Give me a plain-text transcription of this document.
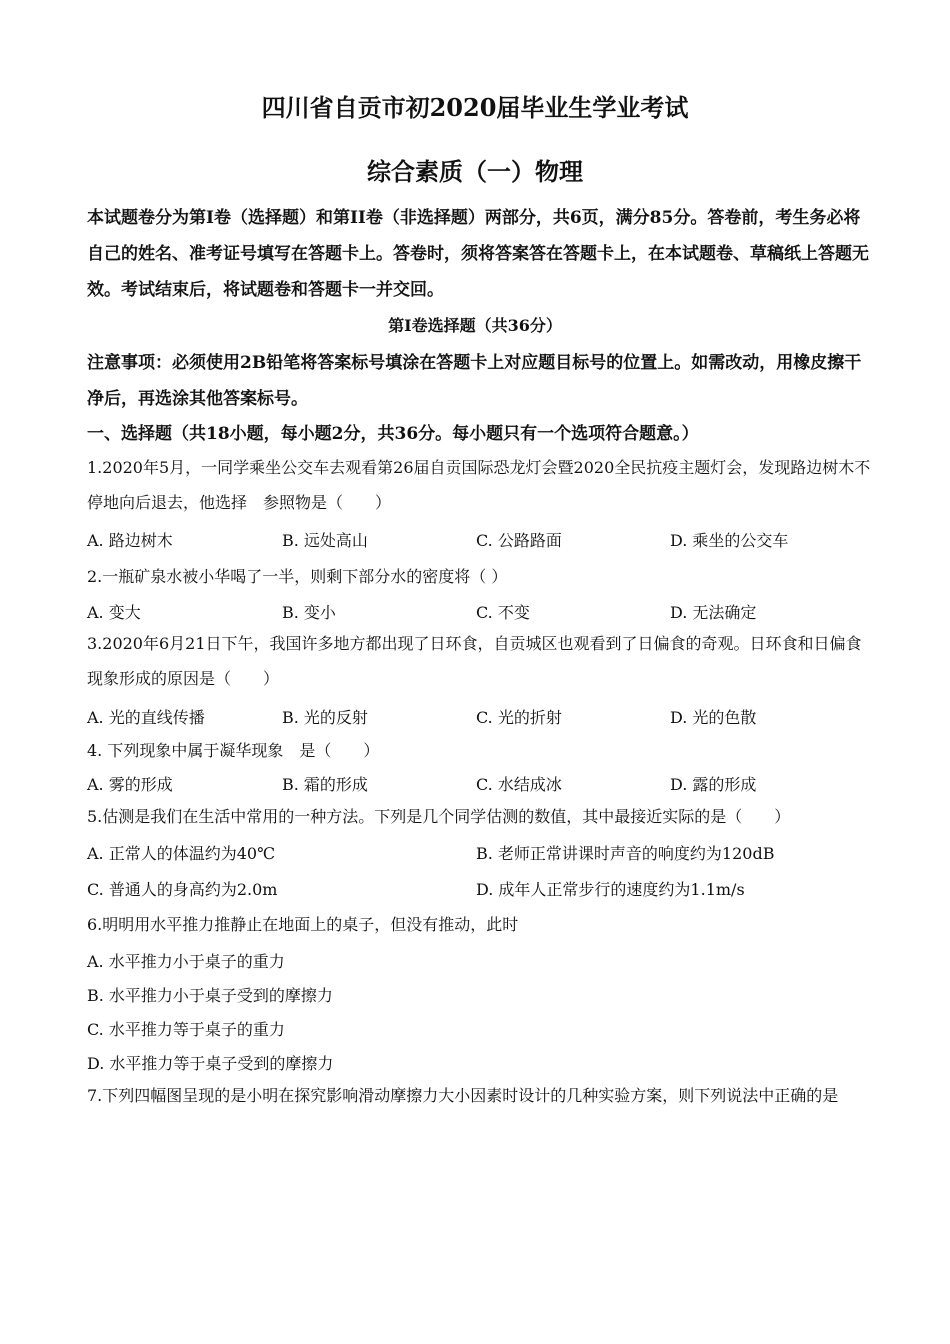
四川省自贡市初2020届毕业生学业考试
综合素质（一）物理
本试题卷分为第I卷（选择题）和第II卷（非选择题）两部分，共6页，满分85分。答卷前，考生务必将自己的姓名、准考证号填写在答题卡上。答卷时，须将答案答在答题卡上，在本试题卷、草稿纸上答题无效。考试结束后，将试题卷和答题卡一并交回。
第I卷选择题（共36分）
注意事项：必须使用2B铅笔将答案标号填涂在答题卡上对应题目标号的位置上。如需改动，用橡皮擦干净后，再选涂其他答案标号。
一、选择题（共18小题，每小题2分，共36分。每小题只有一个选项符合题意。）
1.2020年5月，一同学乘坐公交车去观看第26届自贡国际恐龙灯会暨2020全民抗疫主题灯会，发现路边树木不停地向后退去，他选择　参照物是（　　）
A. 路边树木	B. 远处高山	C. 公路路面	D. 乘坐的公交车
2.一瓶矿泉水被小华喝了一半，则剩下部分水的密度将（ ）
A. 变大	B. 变小	C. 不变	D. 无法确定
3.2020年6月21日下午，我国许多地方都出现了日环食，自贡城区也观看到了日偏食的奇观。日环食和日偏食现象形成的原因是（　　）
A. 光的直线传播	B. 光的反射	C. 光的折射	D. 光的色散
4. 下列现象中属于凝华现象　是（　　）
A. 雾的形成	B. 霜的形成	C. 水结成冰	D. 露的形成
5.估测是我们在生活中常用的一种方法。下列是几个同学估测的数值，其中最接近实际的是（　　）
A. 正常人的体温约为40℃	B. 老师正常讲课时声音的响度约为120dB
C. 普通人的身高约为2.0m	D. 成年人正常步行的速度约为1.1m/s
6.明明用水平推力推静止在地面上的桌子，但没有推动，此时
A. 水平推力小于桌子的重力
B. 水平推力小于桌子受到的摩擦力
C. 水平推力等于桌子的重力
D. 水平推力等于桌子受到的摩擦力
7.下列四幅图呈现的是小明在探究影响滑动摩擦力大小因素时设计的几种实验方案，则下列说法中正确的是
